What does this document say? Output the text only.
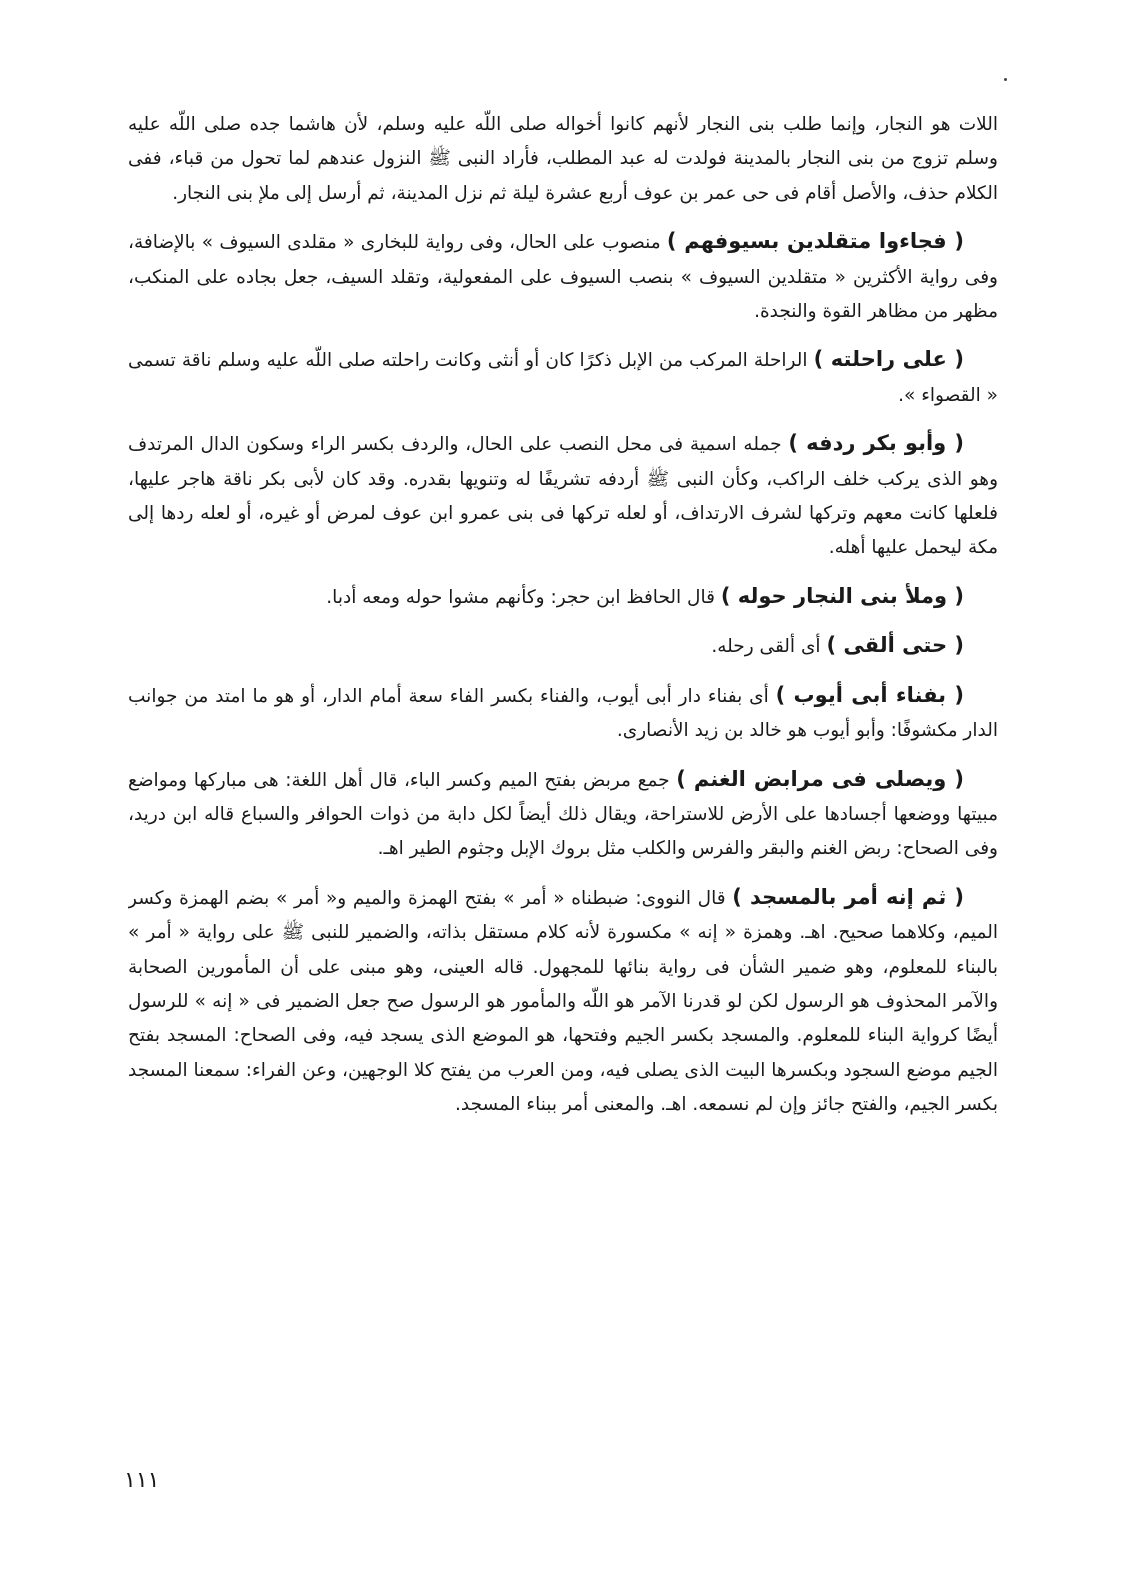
اللات هو النجار، وإنما طلب بنى النجار لأنهم كانوا أخواله صلى اللّه عليه وسلم، لأن هاشما جده صلى اللّه عليه وسلم تزوج من بنى النجار بالمدينة فولدت له عبد المطلب، فأراد النبى ﷺ النزول عندهم لما تحول من قباء، ففى الكلام حذف، والأصل أقام فى حى عمر بن عوف أربع عشرة ليلة ثم نزل المدينة، ثم أرسل إلى ملإ بنى النجار.

( فجاءوا متقلدين بسيوفهم ) منصوب على الحال، وفى رواية للبخارى « مقلدى السيوف » بالإضافة، وفى رواية الأكثرين « متقلدين السيوف » بنصب السيوف على المفعولية، وتقلد السيف، جعل بجاده على المنكب، مظهر من مظاهر القوة والنجدة.

( على راحلته ) الراحلة المركب من الإبل ذكرًا كان أو أنثى وكانت راحلته صلى اللّه عليه وسلم ناقة تسمى « القصواء ».

( وأبو بكر ردفه ) جمله اسمية فى محل النصب على الحال، والردف بكسر الراء وسكون الدال المرتدف وهو الذى يركب خلف الراكب، وكأن النبى ﷺ أردفه تشريفًا له وتنويها بقدره. وقد كان لأبى بكر ناقة هاجر عليها، فلعلها كانت معهم وتركها لشرف الارتداف، أو لعله تركها فى بنى عمرو ابن عوف لمرض أو غيره، أو لعله ردها إلى مكة ليحمل عليها أهله.

( وملأ بنى النجار حوله ) قال الحافظ ابن حجر: وكأنهم مشوا حوله ومعه أدبا.

( حتى ألقى ) أى ألقى رحله.

( بفناء أبى أيوب ) أى بفناء دار أبى أيوب، والفناء بكسر الفاء سعة أمام الدار، أو هو ما امتد من جوانب الدار مكشوفًا: وأبو أيوب هو خالد بن زيد الأنصارى.

( ويصلى فى مرابض الغنم ) جمع مربض بفتح الميم وكسر الباء، قال أهل اللغة: هى مباركها ومواضع مبيتها ووضعها أجسادها على الأرض للاستراحة، ويقال ذلك أيضاً لكل دابة من ذوات الحوافر والسباع قاله ابن دريد، وفى الصحاح: ربض الغنم والبقر والفرس والكلب مثل بروك الإبل وجثوم الطير اهـ.

( ثم إنه أمر بالمسجد ) قال النووى: ضبطناه « أمر » بفتح الهمزة والميم و« أمر » بضم الهمزة وكسر الميم، وكلاهما صحيح. اهـ. وهمزة « إنه » مكسورة لأنه كلام مستقل بذاته، والضمير للنبى ﷺ على رواية « أمر » بالبناء للمعلوم، وهو ضمير الشأن فى رواية بنائها للمجهول. قاله العينى، وهو مبنى على أن المأمورين الصحابة والآمر المحذوف هو الرسول لكن لو قدرنا الآمر هو اللّه والمأمور هو الرسول صح جعل الضمير فى « إنه » للرسول أيضًا كرواية البناء للمعلوم. والمسجد بكسر الجيم وفتحها، هو الموضع الذى يسجد فيه، وفى الصحاح: المسجد بفتح الجيم موضع السجود وبكسرها البيت الذى يصلى فيه، ومن العرب من يفتح كلا الوجهين، وعن الفراء: سمعنا المسجد بكسر الجيم، والفتح جائز وإن لم نسمعه. اهـ. والمعنى أمر ببناء المسجد.

١١١
